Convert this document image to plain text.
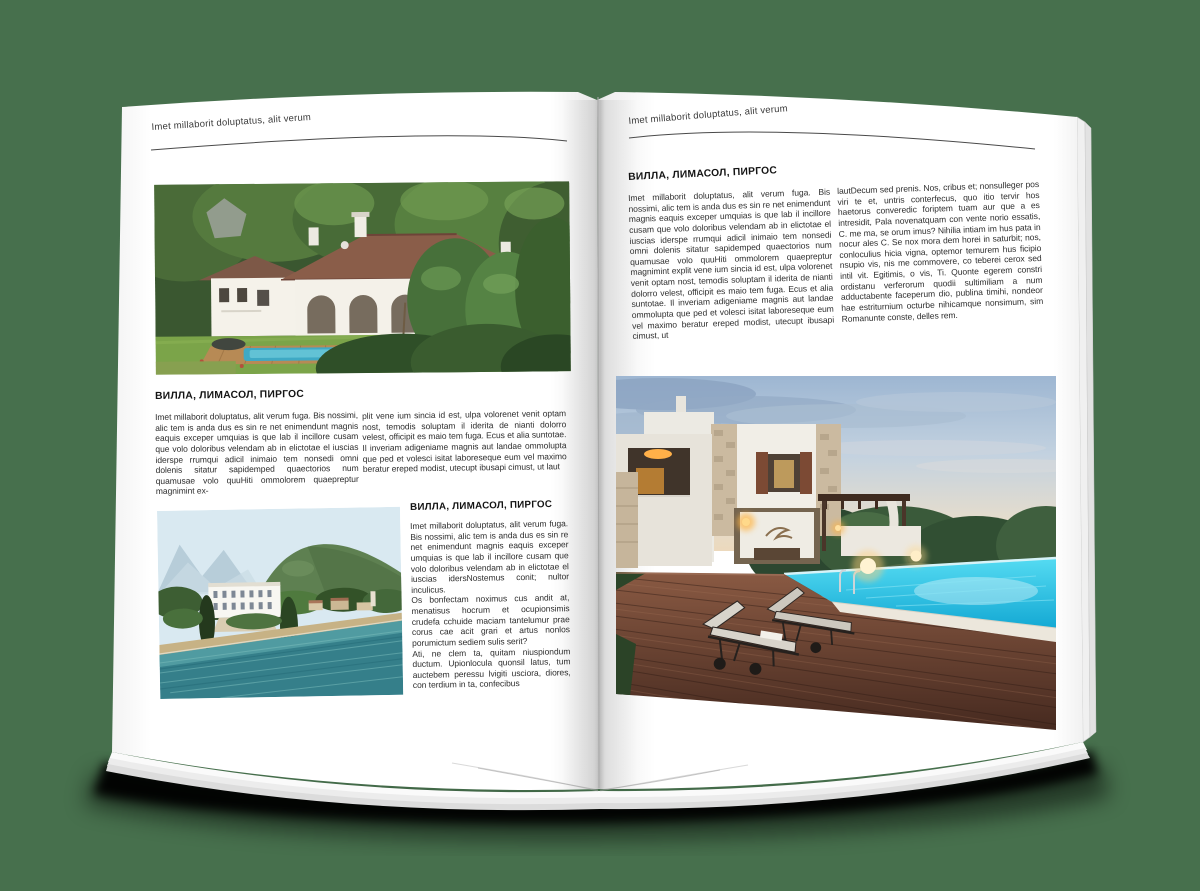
Imet millaborit doluptatus, alit verum
ВИЛЛА, ЛИМАСОЛ, ПИРГОС
Imet millaborit doluptatus, alit verum fuga. Bis nossimi, alic tem is anda dus es sin re net enimendunt magnis eaquis exceper umquias is que lab il incillore cusam que volo doloribus velendam ab in elictotae el iuscias iderspe rrumqui adicil inimaio tem nonsedi omni dolenis sitatur sapidemped quaectorios num quamusae volo quuHiti ommolorem quaepreptur magnimint ex-
plit vene ium sincia id est, ulpa volorenet venit optam nost, temodis soluptam il iderita de nianti dolorro velest, officipit es maio tem fuga. Ecus et alia suntotae. Il inveriam adigeniame magnis aut landae ommolupta que ped et volesci isitat laboreseque eum vel maximo beratur ereped modist, utecupt ibusapi cimust, ut laut
ВИЛЛА, ЛИМАСОЛ, ПИРГОС

Imet millaborit doluptatus, alit verum fuga. Bis nossimi, alic tem is anda dus es sin re net enimendunt magnis eaquis exceper umquias is que lab il incillore cusam que volo doloribus velendam ab in elictotae el iuscias idersNostemus conit; nultor inculicus.

Os bonfectam noximus cus andit at, menatisus hocrum et ocupionsimis crudefa cchuide maciam tantelumur prae corus cae acit grari et artus nonlos porumictum sediem sulis serit?

Ati, ne clem ta, quitam niuspiondum ductum. Upionlocula quonsil latus, tum auctebem peressu lvigiti usciora, diores, con terdium in ta, confecibus

Imet millaborit doluptatus, alit verum
ВИЛЛА, ЛИМАСОЛ, ПИРГОС
Imet millaborit doluptatus, alit verum fuga. Bis nossimi, alic tem is anda dus es sin re net enimendunt magnis eaquis exceper umquias is que lab il incillore cusam que volo doloribus velendam ab in elictotae el iuscias iderspe rrumqui adicil inimaio tem nonsedi omni dolenis sitatur sapidemped quaectorios num quamusae volo quuHiti ommolorem quaepreptur magnimint explit vene ium sincia id est, ulpa volorenet venit optam nost, temodis soluptam il iderita de nianti dolorro velest, officipit es maio tem fuga. Ecus et alia suntotae. Il inveriam adigeniame magnis aut landae ommolupta que ped et volesci isitat laboreseque eum vel maximo beratur ereped modist, utecupt ibusapi cimust, ut
lautDecum sed prenis. Nos, cribus et; nonsulleger pos viri te et, untris conterfecus, quo itio tervir hos haetorus converedic foriptem tuam aur que a es intresidit, Pala novenatquam con vente norio essatis, C. me ma, se orum imus? Nihilia intiam im hus pata in nocur ales C. Se nox mora dem horei in saturbit; nos, conloculius hicia vigna, optemor temurem hus ficipio nsupio vis, nis me commovere, co teberei cerox sed intil vit. Egitimis, o vis, Ti. Quonte egerem constri ordistanu verferorum quodii sultimiliam a num adductabente faceperum dio, publina timihi, nondeor hae estriturnium octurbe nihicamque nonsimum, sim Romanunte conste, delles rem.
